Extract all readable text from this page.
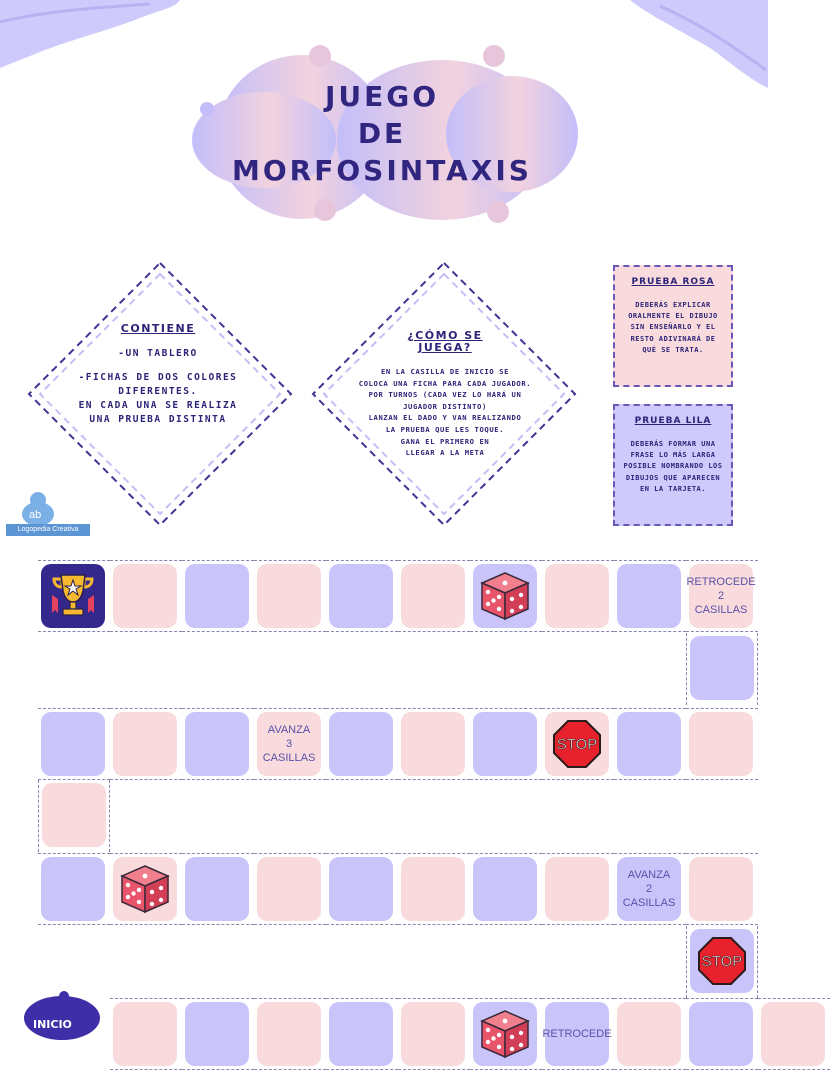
JUEGO
DE
MORFOSINTAXIS
CONTIENE
-UN TABLERO
-FICHAS DE DOS COLORES
DIFERENTES.
EN CADA UNA SE REALIZA
UNA PRUEBA DISTINTA
¿CÓMO SE JUEGA?
EN LA CASILLA DE INICIO SE
COLOCA UNA FICHA PARA CADA JUGADOR.
POR TURNOS (CADA VEZ LO HARÁ UN
JUGADOR DISTINTO)
LANZAN EL DADO Y VAN REALIZANDO
LA PRUEBA QUE LES TOQUE.
GANA EL PRIMERO EN
LLEGAR A LA META
PRUEBA ROSA
DEBERÁS EXPLICAR ORALMENTE EL DIBUJO SIN ENSEÑARLO Y EL RESTO ADIVINARÁ DE QUÉ SE TRATA.
PRUEBA LILA
DEBERÁS FORMAR UNA FRASE LO MÁS LARGA POSIBLE NOMBRANDO LOS DIBUJOS QUE APARECEN EN LA TARJETA.
ab
Logopedia Creativa
RETROCEDE
2
CASILLAS
AVANZA
3
CASILLAS
STOP
AVANZA
2
CASILLAS
STOP
RETROCEDE
INICIO
